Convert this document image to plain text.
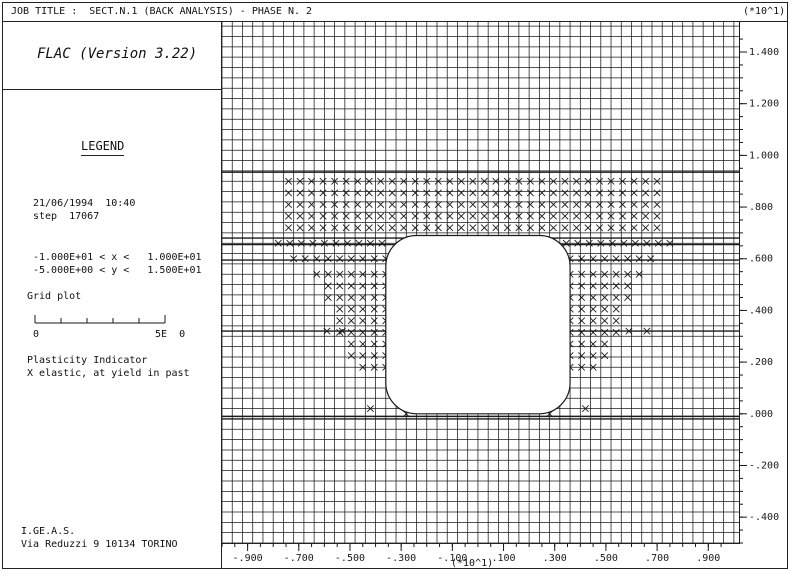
JOB TITLE :  SECT.N.1 (BACK ANALYSIS) - PHASE N. 2	(*10^1)
FLAC (Version 3.22)
LEGEND
21/06/1994  10:40
step  17067
-1.000E+01 < x <   1.000E+01
-5.000E+00 < y <   1.500E+01
Grid plot
0	5E  0
Plasticity Indicator
X elastic, at yield in past
I.GE.A.S.
Via Reduzzi 9 10134 TORINO
1.400
1.200
1.000
.800
.600
.400
.200
.000
-.200
-.400
-.900 -.700 -.500 -.300 -.100 .100	.300	.500	.700	.900
(*10^1)
